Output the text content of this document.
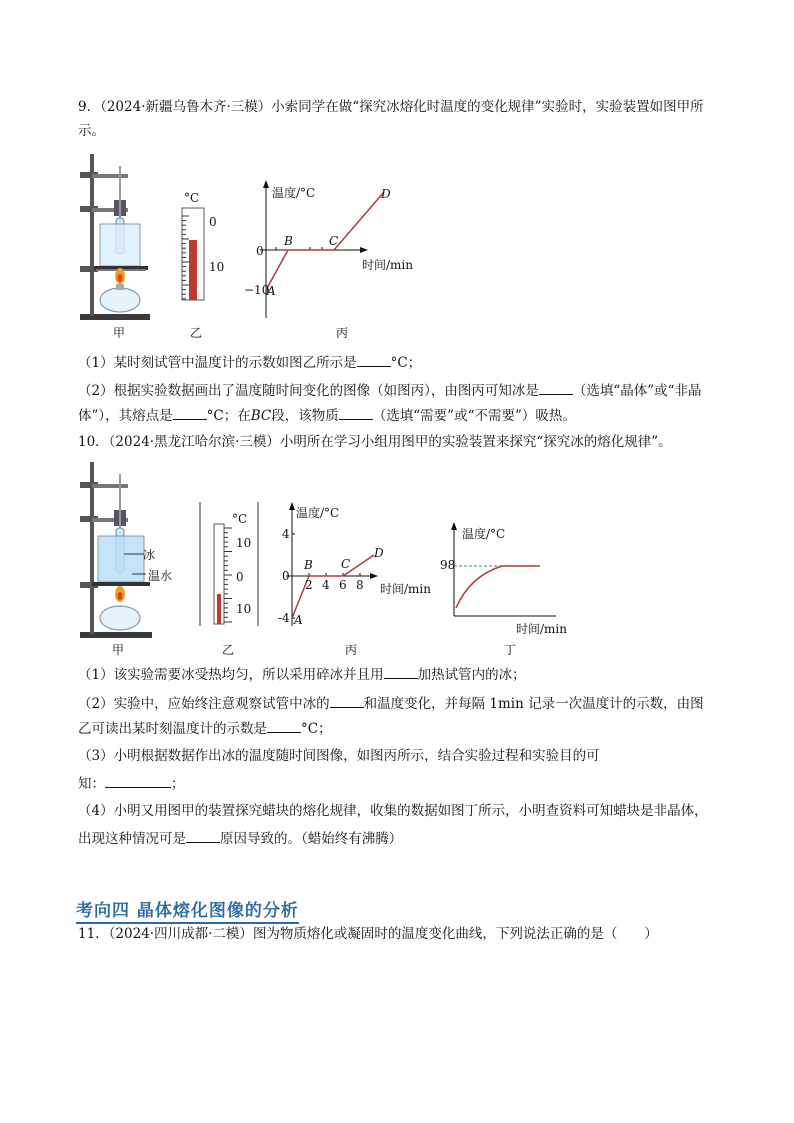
9．（2024·新疆乌鲁木齐·三模）小索同学在做“探究冰熔化时温度的变化规律”实验时，实验装置如图甲所
示。
甲
°C
0
10
乙
温度/°C
时间/min
0
−10
A
B	C
D
丙
（1）某时刻试管中温度计的示数如图乙所示是	°C；
（2）根据实验数据画出了温度随时间变化的图像（如图丙），由图丙可知冰是	（选填“晶体”或“非晶
体”），其熔点是	°C；在BC段，该物质	（选填“需要”或“不需要”）吸热。
10．（2024·黑龙江哈尔滨·三模）小明所在学习小组用图甲的实验装置来探究“探究冰的熔化规律”。
冰
温水
甲
°C
10
0
10
乙
温度/°C
时间/min
4
0
-4
2 4 6 8
A
B C
D
丙
温度/°C
98
时间/min
丁
（1）该实验需要冰受热均匀，所以采用碎冰并且用	加热试管内的冰；
（2）实验中，应始终注意观察试管中冰的	和温度变化，并每隔 1min 记录一次温度计的示数，由图
乙可读出某时刻温度计的示数是	°C；
（3）小明根据数据作出冰的温度随时间图像，如图丙所示，结合实验过程和实验目的可
知：	；
（4）小明又用图甲的装置探究蜡块的熔化规律，收集的数据如图丁所示，小明查资料可知蜡块是非晶体，
出现这种情况可是	原因导致的。（蜡始终有沸腾）
考向四 晶体熔化图像的分析
11．（2024·四川成都·二模）图为物质熔化或凝固时的温度变化曲线，下列说法正确的是（　　）
